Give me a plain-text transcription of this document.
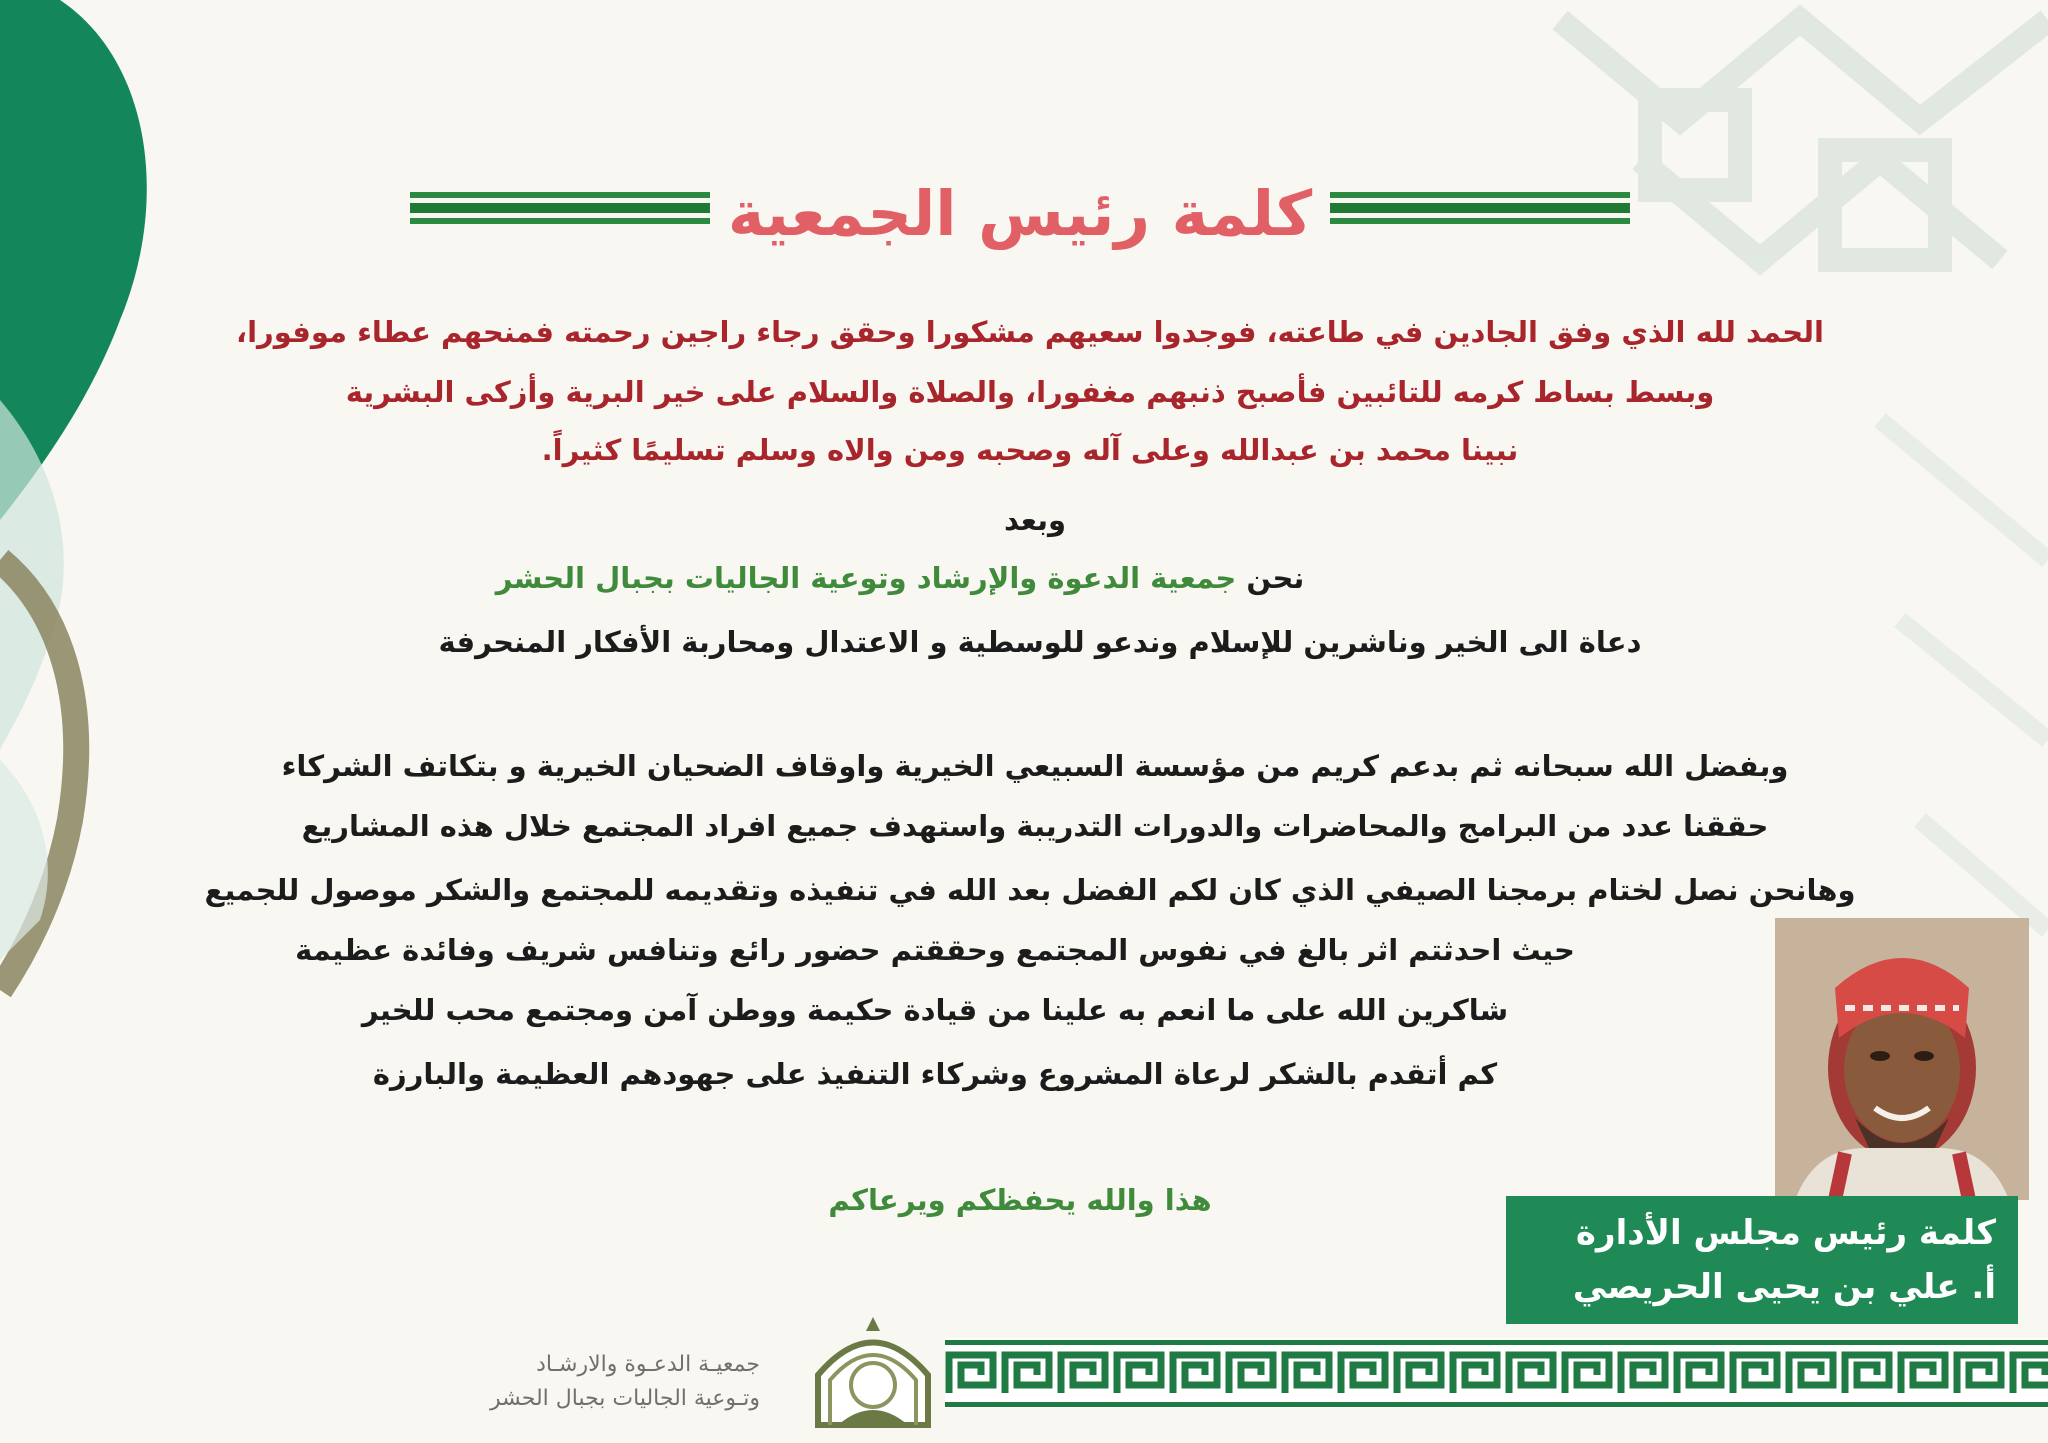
كلمة رئيس الجمعية
الحمد لله الذي وفق الجادين في طاعته، فوجدوا سعيهم مشكورا وحقق رجاء راجين رحمته فمنحهم عطاء موفورا،
وبسط بساط كرمه للتائبين فأصبح ذنبهم مغفورا، والصلاة والسلام على خير البرية وأزكى البشرية
نبينا محمد بن عبدالله وعلى آله وصحبه ومن والاه وسلم تسليمًا كثيراً.
وبعد
نحن جمعية الدعوة والإرشاد وتوعية الجاليات بجبال الحشر
دعاة الى الخير وناشرين للإسلام وندعو للوسطية و الاعتدال ومحاربة الأفكار المنحرفة
وبفضل الله سبحانه ثم بدعم كريم من مؤسسة السبيعي الخيرية واوقاف الضحيان الخيرية و بتكاتف الشركاء
حققنا عدد من البرامج والمحاضرات والدورات التدريبة واستهدف جميع افراد المجتمع خلال هذه المشاريع
وهانحن نصل لختام برمجنا الصيفي الذي كان لكم الفضل بعد الله في تنفيذه وتقديمه للمجتمع والشكر موصول للجميع
حيث احدثتم اثر بالغ في نفوس المجتمع وحققتم حضور رائع وتنافس شريف وفائدة عظيمة
شاكرين الله على ما انعم به علينا من قيادة حكيمة ووطن آمن ومجتمع محب للخير
كم أتقدم بالشكر لرعاة المشروع وشركاء التنفيذ على جهودهم العظيمة والبارزة
هذا والله يحفظكم ويرعاكم
كلمة رئيس مجلس الأدارة
أ. علي بن يحيى الحريصي
جمعيـة الدعـوة والارشـاد
وتـوعية الجاليات بجبال الحشر
